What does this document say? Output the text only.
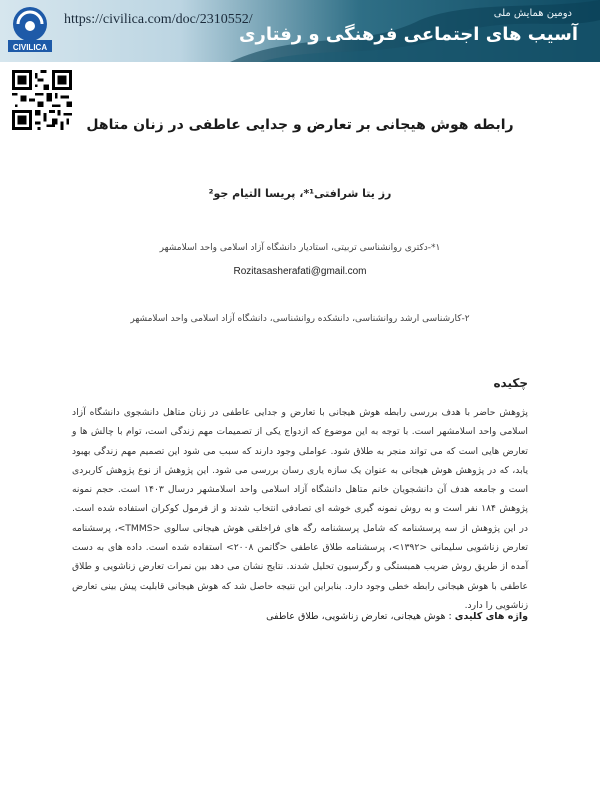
CIVILICA
https://civilica.com/doc/2310552/	دومین همایش ملی
آسیب های اجتماعی فرهنگی و رفتاری
رابطه هوش هیجانی بر تعارض و جدایی عاطفی در زنان متاهل
رز یتا شرافتی¹*، پریسا التیام جو²
۱*-دکتری روانشناسی تربیتی، استادیار دانشگاه آزاد اسلامی واحد اسلامشهر
Rozitasasherafati@gmail.com
۲-کارشناسی ارشد روانشناسی، دانشکده روانشناسی، دانشگاه آزاد اسلامی واحد اسلامشهر
چکیده
پژوهش حاضر با هدف بررسی رابطه هوش هیجانی با تعارض و جدایی عاطفی در زنان متاهل دانشجوی دانشگاه آزاد اسلامی واحد اسلامشهر است. با توجه به این موضوع که ازدواج یکی از تصمیمات مهم زندگی است، توام با چالش ها و تعارض هایی است که می تواند منجر به طلاق شود. عواملی وجود دارند که سبب می شود این تصمیم مهم زندگی بهبود یابد، که در پژوهش هوش هیجانی به عنوان یک سازه یاری رسان بررسی می شود. این پژوهش از نوع پژوهش کاربردی است و جامعه هدف آن دانشجویان خانم متاهل دانشگاه آزاد اسلامی واحد اسلامشهر درسال ۱۴۰۳ است. حجم نمونه پژوهش ۱۸۴ نفر است و به روش نمونه گیری خوشه ای تصادفی انتخاب شدند و از فرمول کوکران استفاده شده است. در این پژوهش از سه پرسشنامه که شامل پرسشنامه رگه های فراخلقی هوش هیجانی سالوی <TMMS>، پرسشنامه تعارض زناشویی سلیمانی <۱۳۹۲>، پرسشنامه طلاق عاطفی <گاتمن ۲۰۰۸> استفاده شده است. داده های به دست آمده از طریق روش ضریب همبستگی و رگرسیون تحلیل شدند. نتایج نشان می دهد بین نمرات تعارض زناشویی و طلاق عاطفی با هوش هیجانی رابطه خطی وجود دارد. بنابراین این نتیجه حاصل شد که هوش هیجانی قابلیت پیش بینی تعارض زناشویی را دارد.
واژه های کلیدی : هوش هیجانی، تعارض زناشویی، طلاق عاطفی
